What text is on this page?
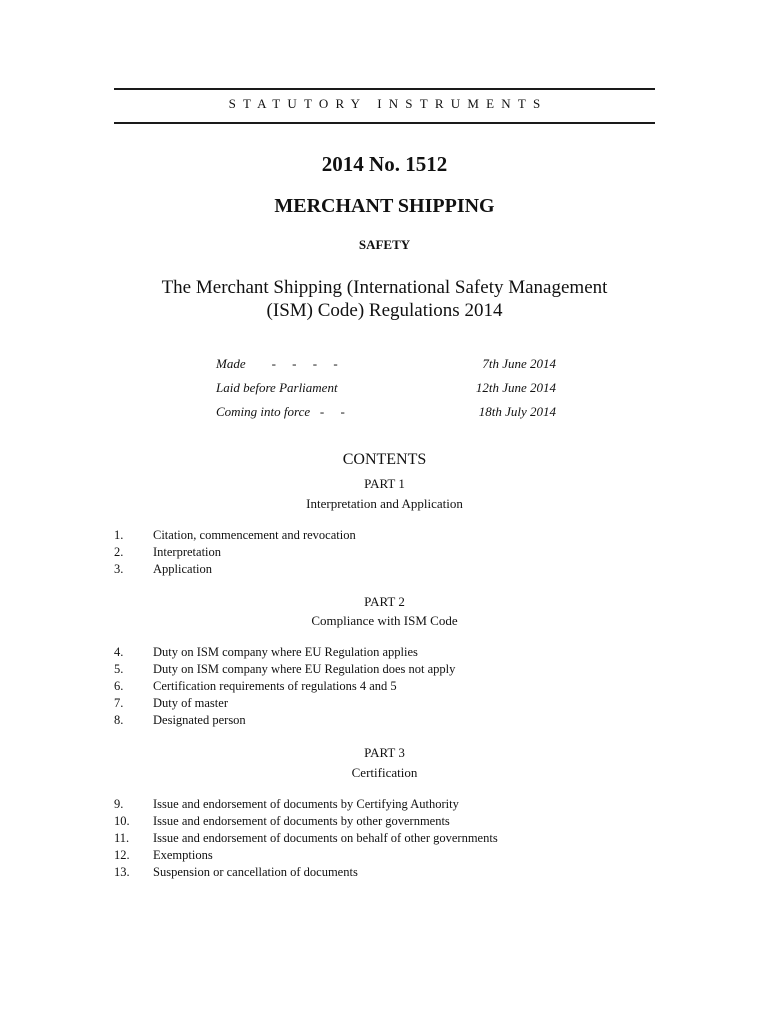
STATUTORY INSTRUMENTS
2014 No. 1512
MERCHANT SHIPPING
SAFETY
The Merchant Shipping (International Safety Management
(ISM) Code) Regulations 2014
Made        -     -     -     -	7th June 2014
Laid before Parliament	12th June 2014
Coming into force   -     -	18th July 2014
CONTENTS
PART 1
Interpretation and Application
1. Citation, commencement and revocation
2. Interpretation
3. Application
PART 2
Compliance with ISM Code
4. Duty on ISM company where EU Regulation applies
5. Duty on ISM company where EU Regulation does not apply
6. Certification requirements of regulations 4 and 5
7. Duty of master
8. Designated person
PART 3
Certification
9. Issue and endorsement of documents by Certifying Authority
10. Issue and endorsement of documents by other governments
11. Issue and endorsement of documents on behalf of other governments
12. Exemptions
13. Suspension or cancellation of documents
